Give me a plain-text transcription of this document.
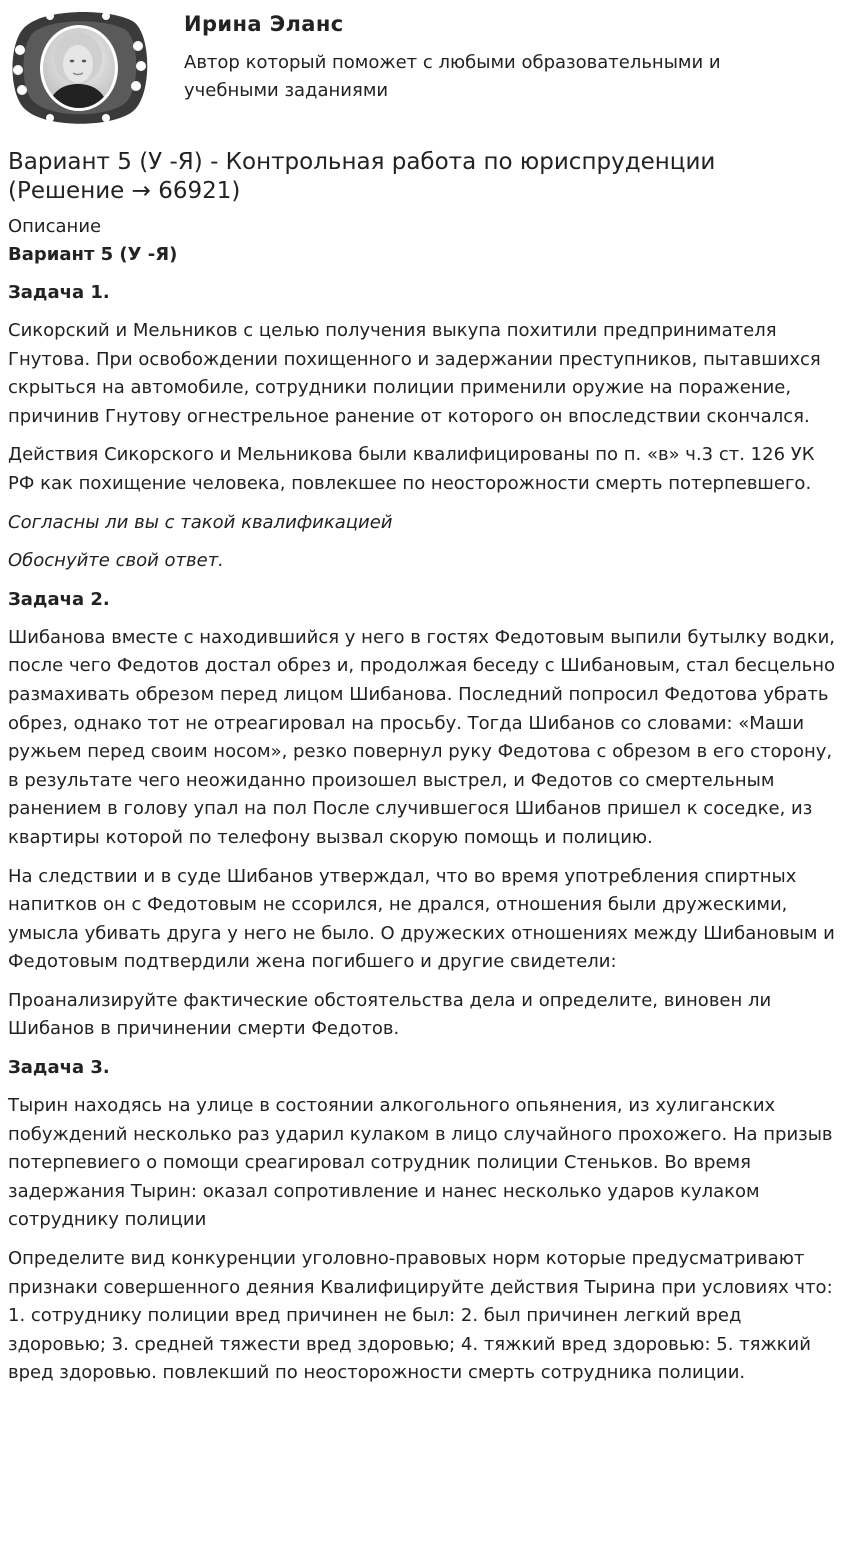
Ирина Эланс

Автор который поможет с любыми образовательными и учебными заданиями

Вариант 5 (У -Я) - Контрольная работа по юриспруденции (Решение → 66921)

Описание

Вариант 5 (У -Я)

Задача 1.

Сикорский и Мельников с целью получения выкупа похитили предпринимателя Гнутова. При освобождении похищенного и задержании преступников, пытавшихся скрыться на автомобиле, сотрудники полиции применили оружие на поражение, причинив Гнутову огнестрельное ранение от которого он впоследствии скончался.

Действия Сикорского и Мельникова были квалифицированы по п. «в» ч.3 ст. 126 УК РФ как похищение человека, повлекшее по неосторожности смерть потерпевшего.

Согласны ли вы с такой квалификацией

Обоснуйте свой ответ.

Задача 2.

Шибанова вместе с находившийся у него в гостях Федотовым выпили бутылку водки, после чего Федотов достал обрез и, продолжая беседу с Шибановым, стал бесцельно размахивать обрезом перед лицом Шибанова. Последний попросил Федотова убрать обрез, однако тот не отреагировал на просьбу. Тогда Шибанов со словами: «Маши ружьем перед своим носом», резко повернул руку Федотова с обрезом в его сторону, в результате чего неожиданно произошел выстрел, и Федотов со смертельным ранением в голову упал на пол После случившегося Шибанов пришел к соседке, из квартиры которой по телефону вызвал скорую помощь и полицию.

На следствии и в суде Шибанов утверждал, что во время употребления спиртных напитков он с Федотовым не ссорился, не дрался, отношения были дружескими, умысла убивать друга у него не было. О дружеских отношениях между Шибановым и Федотовым подтвердили жена погибшего и другие свидетели:

Проанализируйте фактические обстоятельства дела и определите, виновен ли Шибанов в причинении смерти Федотов.

Задача 3.

Тырин находясь на улице в состоянии алкогольного опьянения, из хулиганских побуждений несколько раз ударил кулаком в лицо случайного прохожего. На призыв потерпевиего о помощи среагировал сотрудник полиции Стеньков. Во время задержания Тырин: оказал сопротивление и нанес несколько ударов кулаком сотруднику полиции

Определите вид конкуренции уголовно-правовых норм которые предусматривают признаки совершенного деяния Квалифицируйте действия Тырина при условиях что: 1. сотруднику полиции вред причинен не был: 2. был причинен легкий вред здоровью; 3. средней тяжести вред здоровью; 4. тяжкий вред здоровью: 5. тяжкий вред здоровью. повлекший по неосторожности смерть сотрудника полиции.
